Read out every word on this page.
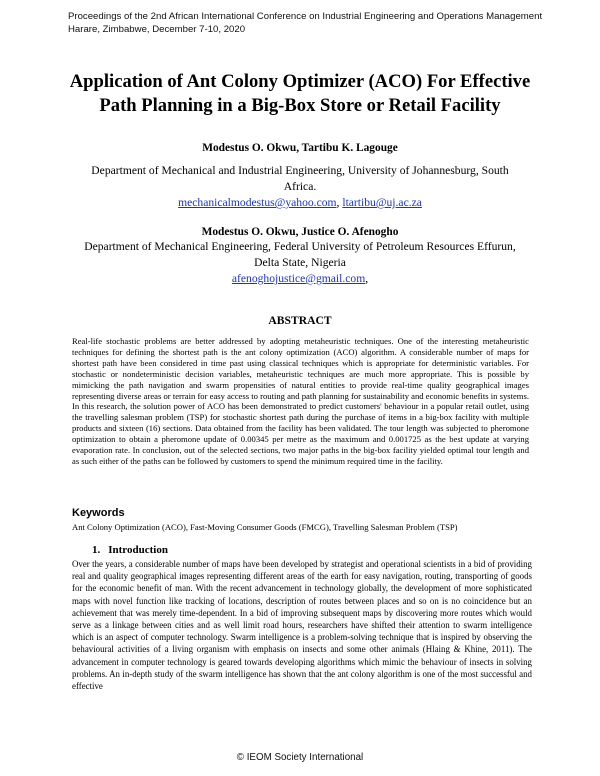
Proceedings of the 2nd African International Conference on Industrial Engineering and Operations Management
Harare, Zimbabwe, December 7-10, 2020
Application of Ant Colony Optimizer (ACO) For Effective
Path Planning in a Big-Box Store or Retail Facility
Modestus O. Okwu, Tartibu K. Lagouge
Department of Mechanical and Industrial Engineering, University of Johannesburg, South
Africa.
mechanicalmodestus@yahoo.com, ltartibu@uj.ac.za
Modestus O. Okwu, Justice O. Afenogho
Department of Mechanical Engineering, Federal University of Petroleum Resources Effurun,
Delta State, Nigeria
afenoghojustice@gmail.com,
ABSTRACT
Real-life stochastic problems are better addressed by adopting metaheuristic techniques. One of the interesting metaheuristic techniques for defining the shortest path is the ant colony optimization (ACO) algorithm. A considerable number of maps for shortest path have been considered in time past using classical techniques which is appropriate for deterministic variables. For stochastic or nondeterministic decision variables, metaheuristic techniques are much more appropriate. This is possible by mimicking the path navigation and swarm propensities of natural entities to provide real-time quality geographical images representing diverse areas or terrain for easy access to routing and path planning for sustainability and economic benefits in systems. In this research, the solution power of ACO has been demonstrated to predict customers' behaviour in a popular retail outlet, using the travelling salesman problem (TSP) for stochastic shortest path during the purchase of items in a big-box facility with multiple products and sixteen (16) sections. Data obtained from the facility has been validated. The tour length was subjected to pheromone optimization to obtain a pheromone update of 0.00345 per metre as the maximum and 0.001725 as the best update at varying evaporation rate. In conclusion, out of the selected sections, two major paths in the big-box facility yielded optimal tour length and as such either of the paths can be followed by customers to spend the minimum required time in the facility.
Keywords
Ant Colony Optimization (ACO), Fast-Moving Consumer Goods (FMCG), Travelling Salesman Problem (TSP)
1. Introduction
Over the years, a considerable number of maps have been developed by strategist and operational scientists in a bid of providing real and quality geographical images representing different areas of the earth for easy navigation, routing, transporting of goods for the economic benefit of man. With the recent advancement in technology globally, the development of more sophisticated maps with novel function like tracking of locations, description of routes between places and so on is no coincidence but an achievement that was merely time-dependent. In a bid of improving subsequent maps by discovering more routes which would serve as a linkage between cities and as well limit road hours, researchers have shifted their attention to swarm intelligence which is an aspect of computer technology. Swarm intelligence is a problem-solving technique that is inspired by observing the behavioural activities of a living organism with emphasis on insects and some other animals (Hlaing & Khine, 2011). The advancement in computer technology is geared towards developing algorithms which mimic the behaviour of insects in solving problems. An in-depth study of the swarm intelligence has shown that the ant colony algorithm is one of the most successful and effective
© IEOM Society International
